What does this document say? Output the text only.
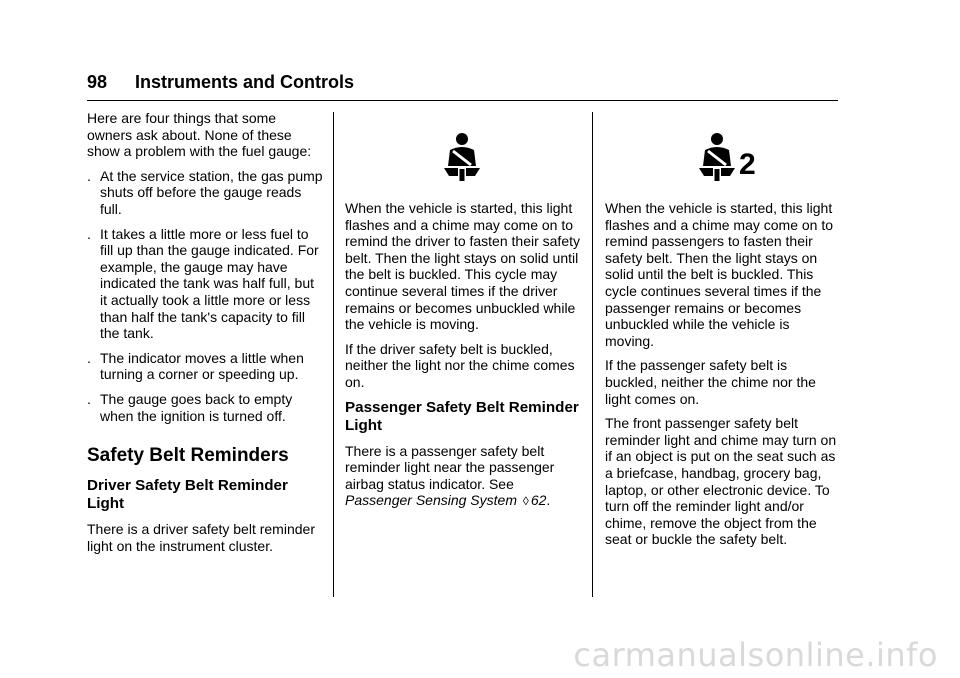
98 Instruments and Controls

Here are four things that some owners ask about. None of these show a problem with the fuel gauge:

. At the service station, the gas pump shuts off before the gauge reads full.
. It takes a little more or less fuel to fill up than the gauge indicated. For example, the gauge may have indicated the tank was half full, but it actually took a little more or less than half the tank's capacity to fill the tank.
. The indicator moves a little when turning a corner or speeding up.
. The gauge goes back to empty when the ignition is turned off.
Safety Belt Reminders
Driver Safety Belt Reminder Light

There is a driver safety belt reminder light on the instrument cluster.

When the vehicle is started, this light flashes and a chime may come on to remind the driver to fasten their safety belt. Then the light stays on solid until the belt is buckled. This cycle may continue several times if the driver remains or becomes unbuckled while the vehicle is moving.

If the driver safety belt is buckled, neither the light nor the chime comes on.

Passenger Safety Belt Reminder Light

There is a passenger safety belt reminder light near the passenger airbag status indicator. See Passenger Sensing System ◊ 62.

2

When the vehicle is started, this light flashes and a chime may come on to remind passengers to fasten their safety belt. Then the light stays on solid until the belt is buckled. This cycle continues several times if the passenger remains or becomes unbuckled while the vehicle is moving.

If the passenger safety belt is buckled, neither the chime nor the light comes on.

The front passenger safety belt reminder light and chime may turn on if an object is put on the seat such as a briefcase, handbag, grocery bag, laptop, or other electronic device. To turn off the reminder light and/or chime, remove the object from the seat or buckle the safety belt.

carmanualsonline.info
